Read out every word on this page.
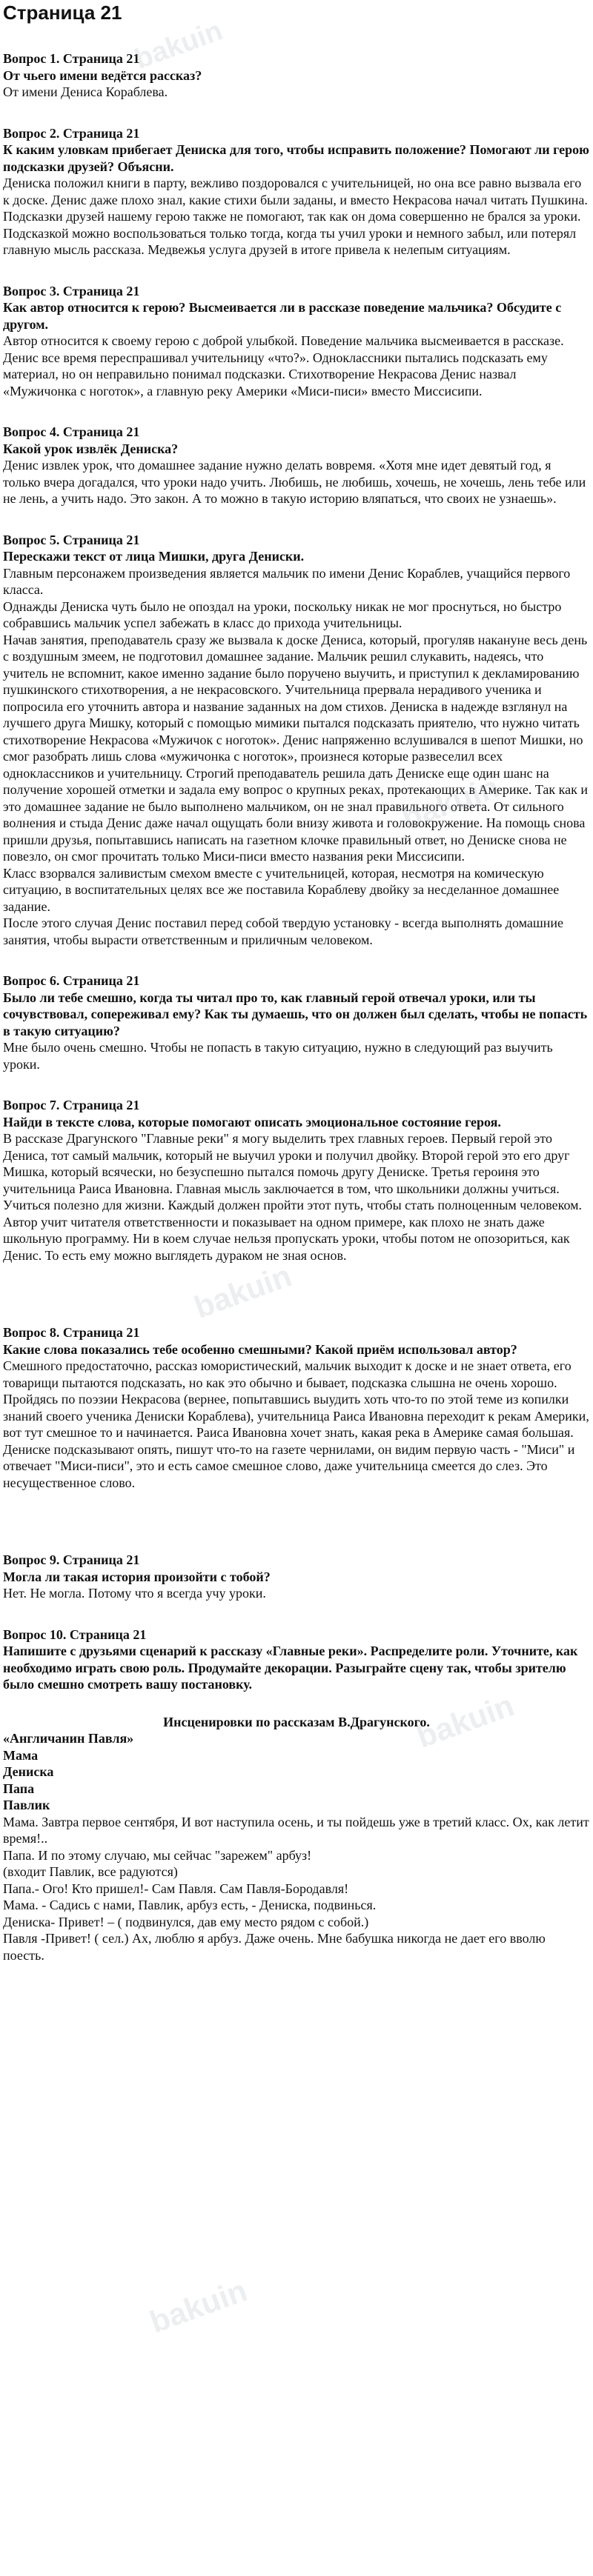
bakuin
bakuin
bakuin
bakuin
bakuin
Страница 21
Вопрос 1. Страница 21
От чьего имени ведётся рассказ?

От имени Дениса Кораблева.

Вопрос 2. Страница 21
К каким уловкам прибегает Дениска для того, чтобы исправить положение? Помогают ли герою подсказки друзей? Объясни.

Дениска положил книги в парту, вежливо поздоровался с учительницей, но она все равно вызвала его к доске. Денис даже плохо знал, какие стихи были заданы, и вместо Некрасова начал читать Пушкина. Подсказки друзей нашему герою также не помогают, так как он дома совершенно не брался за уроки. Подсказкой можно воспользоваться только тогда, когда ты учил уроки и немного забыл, или потерял главную мысль рассказа. Медвежья услуга друзей в итоге привела к нелепым ситуациям.

Вопрос 3. Страница 21
Как автор относится к герою? Высмеивается ли в рассказе поведение мальчика? Обсудите с другом.

Автор относится к своему герою с доброй улыбкой. Поведение мальчика высмеивается в рассказе. Денис все время переспрашивал учительницу «что?». Одноклассники пытались подсказать ему материал, но он неправильно понимал подсказки. Стихотворение Некрасова Денис назвал «Мужичонка с ноготок», а главную реку Америки «Миси-писи» вместо Миссисипи.

Вопрос 4. Страница 21
Какой урок извлёк Дениска?

Денис извлек урок, что домашнее задание нужно делать вовремя. «Хотя мне идет девятый год, я только вчера догадался, что уроки надо учить. Любишь, не любишь, хочешь, не хочешь, лень тебе или не лень, а учить надо. Это закон. А то можно в такую историю вляпаться, что своих не узнаешь».

Вопрос 5. Страница 21
Перескажи текст от лица Мишки, друга Дениски.

Главным персонажем произведения является мальчик по имени Денис Кораблев, учащийся первого класса.

Однажды Дениска чуть было не опоздал на уроки, поскольку никак не мог проснуться, но быстро собравшись мальчик успел забежать в класс до прихода учительницы.

Начав занятия, преподаватель сразу же вызвала к доске Дениса, который, прогуляв накануне весь день с воздушным змеем, не подготовил домашнее задание. Мальчик решил слукавить, надеясь, что учитель не вспомнит, какое именно задание было поручено выучить, и приступил к декламированию пушкинского стихотворения, а не некрасовского. Учительница прервала нерадивого ученика и попросила его уточнить автора и название заданных на дом стихов. Дениска в надежде взглянул на лучшего друга Мишку, который с помощью мимики пытался подсказать приятелю, что нужно читать стихотворение Некрасова «Мужичок с ноготок». Денис напряженно вслушивался в шепот Мишки, но смог разобрать лишь слова «мужичонка с ноготок», произнеся которые развеселил всех одноклассников и учительницу. Строгий преподаватель решила дать Денискe еще один шанс на получение хорошей отметки и задала ему вопрос о крупных реках, протекающих в Америке. Так как и это домашнее задание не было выполнено мальчиком, он не знал правильного ответа. От сильного волнения и стыда Денис даже начал ощущать боли внизу живота и головокружение. На помощь снова пришли друзья, попытавшись написать на газетном клочке правильный ответ, но Дениске снова не повезло, он смог прочитать только Миси-писи вместо названия реки Миссисипи.

Класс взорвался заливистым смехом вместе с учительницей, которая, несмотря на комическую ситуацию, в воспитательных целях все же поставила Кораблеву двойку за несделанное домашнее задание.

После этого случая Денис поставил перед собой твердую установку - всегда выполнять домашние занятия, чтобы вырасти ответственным и приличным человеком.

Вопрос 6. Страница 21
Было ли тебе смешно, когда ты читал про то, как главный герой отвечал уроки, или ты сочувствовал, сопереживал ему? Как ты думаешь, что он должен был сделать, чтобы не попасть в такую ситуацию?

Мне было очень смешно. Чтобы не попасть в такую ситуацию, нужно в следующий раз выучить уроки.

Вопрос 7. Страница 21
Найди в тексте слова, которые помогают описать эмоциональное состояние героя.

В рассказе Драгунского "Главные реки" я могу выделить трех главных героев. Первый герой это Дениса, тот самый мальчик, который не выучил уроки и получил двойку. Второй герой это его друг Мишка, который всячески, но безуспешно пытался помочь другу Дениске. Третья героиня это учительница Раиса Ивановна. Главная мысль заключается в том, что школьники должны учиться. Учиться полезно для жизни. Каждый должен пройти этот путь, чтобы стать полноценным человеком. Автор учит читателя ответственности и показывает на одном примере, как плохо не знать даже школьную программу. Ни в коем случае нельзя пропускать уроки, чтобы потом не опозориться, как Денис. То есть ему можно выглядеть дураком не зная основ.

Вопрос 8. Страница 21
Какие слова показались тебе особенно смешными? Какой приём использовал автор?

Смешного предостаточно, рассказ юмористический, мальчик выходит к доске и не знает ответа, его товарищи пытаются подсказать, но как это обычно и бывает, подсказка слышна не очень хорошо. Пройдясь по поэзии Некрасова (вернее, попытавшись выудить хоть что-то по этой теме из копилки знаний своего ученика Дениски Кораблева), учительница Раиса Ивановна переходит к рекам Америки, вот тут смешное то и начинается. Раиса Ивановна хочет знать, какая река в Америке самая большая. Дениске подсказывают опять, пишут что-то на газете чернилами, он видим первую часть - "Миси" и отвечает "Миси-писи", это и есть самое смешное слово, даже учительница смеется до слез. Это несущественное слово.

Вопрос 9. Страница 21
Могла ли такая история произойти с тобой?

Нет. Не могла. Потому что я всегда учу уроки.

Вопрос 10. Страница 21
Напишите с друзьями сценарий к рассказу «Главные реки». Распределите роли. Уточните, как необходимо играть свою роль. Продумайте декорации. Разыграйте сцену так, чтобы зрителю было смешно смотреть вашу постановку.
Инсценировки по рассказам В.Драгунского.
«Англичанин Павля»
Мама
Дениска
Папа
Павлик

Мама. Завтра первое сентября, И вот наступила осень, и ты пойдешь уже в третий класс. Ох, как летит время!..

Папа. И по этому случаю, мы сейчас "зарежем" арбуз!

(входит Павлик, все радуются)

Папа.- Ого! Кто пришел!- Сам Павля. Сам Павля-Бородавля!

Мама. - Садись с нами, Павлик, арбуз есть, - Дениска, подвинься.

Дениска- Привет! – ( подвинулся, дав ему место рядом с собой.)

Павля -Привет! ( сел.) Ах, люблю я арбуз. Даже очень. Мне бабушка никогда не дает его вволю поесть.
